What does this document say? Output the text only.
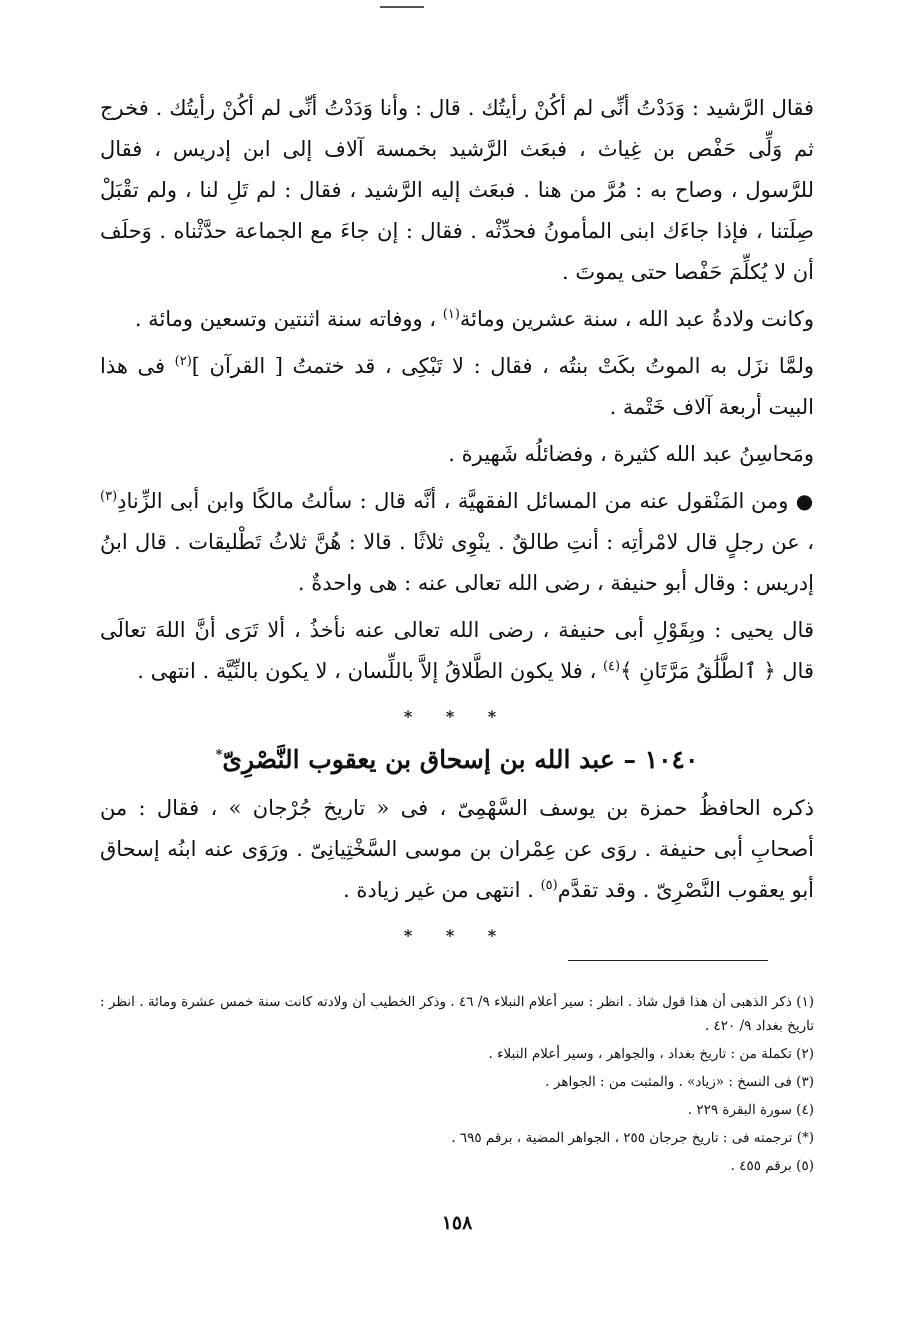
فقال الرَّشيد : وَدَدْتُ أنِّى لم أكُنْ رأيتُك . قال : وأنا وَدَدْتُ أنِّى لم أكُنْ رأيتُك . فخرج ثم وَلِّى حَفْص بن غِياث ، فبعَث الرَّشيد بخمسة آلاف إلى ابن إدريس ، فقال للرَّسول ، وصاح به : مُرَّ من هنا . فبعَث إليه الرَّشيد ، فقال : لم تَلِ لنا ، ولم تقْبَلْ صِلَتنا ، فإذا جاءَك ابنى المأمونُ فحدِّثْه . فقال : إن جاءَ مع الجماعة حدَّثْناه . وَحلَف أن لا يُكلِّمَ حَفْصا حتى يموتَ .

وكانت ولادةُ عبد الله ، سنة عشرين ومائة$^{(١)}$ ، ووفاته سنة اثنتين وتسعين ومائة .

ولمَّا نزَل به الموتُ بكَتْ بنتُه ، فقال : لا تَبْكِى ، قد ختمتُ [ القرآن ]$^{(٢)}$ فى هذا البيت أربعة آلاف خَتْمة .

ومَحاسِنُ عبد الله كثيرة ، وفضائلُه شَهيرة .

● ومن المَنْقول عنه من المسائل الفقهيَّة ، أنَّه قال : سألتُ مالكًا وابن أبى الزِّنادِ$^{(٣)}$ ، عن رجلٍ قال لامْرأتِه : أنتِ طالقٌ . ينْوِى ثلاثًا . قالا : هُنَّ ثلاثُ تَطْليقات . قال ابنُ إدريس : وقال أبو حنيفة ، رضى الله تعالى عنه : هى واحدةٌ .

قال يحيى : وبِقَوْلِ أبى حنيفة ، رضى الله تعالى عنه نأخذُ ، ألا تَرَى أنَّ اللهَ تعالَى قال ﴿ ٱلطَّلَٰقُ مَرَّتَانِ ﴾$^{(٤)}$ ، فلا يكون الطَّلاقُ إلاَّ باللِّسان ، لا يكون بالنِّيَّة . انتهى .

* * *
١٠٤٠ – عبد الله بن إسحاق بن يعقوب النَّصْرِىّ*

ذكره الحافظُ حمزة بن يوسف السَّهْمِىّ ، فى « تاريخ جُرْجان » ، فقال : من أصحابِ أبى حنيفة . روَى عن عِمْران بن موسى السَّخْتِيانِىّ . ورَوَى عنه ابنُه إسحاق أبو يعقوب النَّصْرِىّ . وقد تقدَّم$^{(٥)}$ . انتهى من غير زيادة .

* * *

(١) ذكر الذهبى أن هذا قول شاذ . انظر : سير أعلام النبلاء ٩/ ٤٦ . وذكر الخطيب أن ولادته كانت سنة خمس عشرة ومائة . انظر : تاريخ بغداد ٩/ ٤٢٠ .

(٢) تكملة من : تاريخ بغداد ، والجواهر ، وسير أعلام النبلاء .

(٣) فى النسخ : «زياد» . والمثبت من : الجواهر .

(٤) سورة البقرة ٢٢٩ .

(*) ترجمته فى : تاريخ جرجان ٢٥٥ ، الجواهر المضية ، برقم ٦٩٥ .

(٥) برقم ٤٥٥ .

١٥٨
